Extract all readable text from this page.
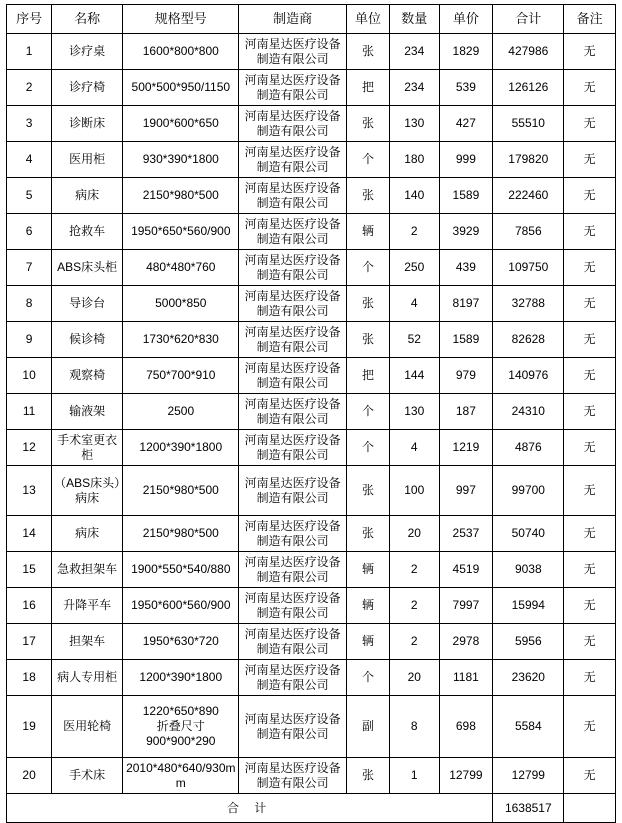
序号	名称	规格型号	制造商	单位	数量	单价	合计	备注
1	诊疗桌	1600*800*800	河南星达医疗设备制造有限公司	张	234	1829	427986	无
2	诊疗椅	500*500*950/1150	河南星达医疗设备制造有限公司	把	234	539	126126	无
3	诊断床	1900*600*650	河南星达医疗设备制造有限公司	张	130	427	55510	无
4	医用柜	930*390*1800	河南星达医疗设备制造有限公司	个	180	999	179820	无
5	病床	2150*980*500	河南星达医疗设备制造有限公司	张	140	1589	222460	无
6	抢救车	1950*650*560/900	河南星达医疗设备制造有限公司	辆	2	3929	7856	无
7	ABS床头柜	480*480*760	河南星达医疗设备制造有限公司	个	250	439	109750	无
8	导诊台	5000*850	河南星达医疗设备制造有限公司	张	4	8197	32788	无
9	候诊椅	1730*620*830	河南星达医疗设备制造有限公司	张	52	1589	82628	无
10	观察椅	750*700*910	河南星达医疗设备制造有限公司	把	144	979	140976	无
11	输液架	2500	河南星达医疗设备制造有限公司	个	130	187	24310	无
12	手术室更衣柜	1200*390*1800	河南星达医疗设备制造有限公司	个	4	1219	4876	无
13	（ABS床头）病床	2150*980*500	河南星达医疗设备制造有限公司	张	100	997	99700	无
14	病床	2150*980*500	河南星达医疗设备制造有限公司	张	20	2537	50740	无
15	急救担架车	1900*550*540/880	河南星达医疗设备制造有限公司	辆	2	4519	9038	无
16	升降平车	1950*600*560/900	河南星达医疗设备制造有限公司	辆	2	7997	15994	无
17	担架车	1950*630*720	河南星达医疗设备制造有限公司	辆	2	2978	5956	无
18	病人专用柜	1200*390*1800	河南星达医疗设备制造有限公司	个	20	1181	23620	无
19	医用轮椅	1220*650*890
折叠尺寸
900*900*290	河南星达医疗设备制造有限公司	副	8	698	5584	无
20	手术床	2010*480*640/930mm	河南星达医疗设备制造有限公司	张	1	12799	12799	无
合 计							1638517	
